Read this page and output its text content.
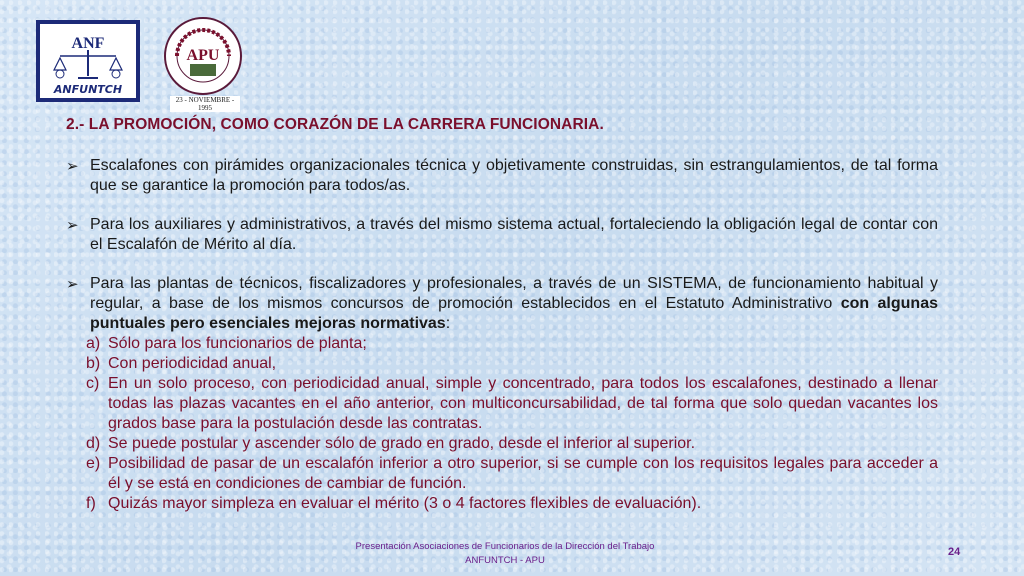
ANF
ANFUNTCH
APU
23 - NOVIEMBRE - 1995
2.- LA PROMOCIÓN, COMO CORAZÓN DE LA CARRERA FUNCIONARIA.
➢ Escalafones con pirámides organizacionales técnica y objetivamente construidas, sin estrangulamientos, de tal forma que se garantice la promoción para todos/as.
➢ Para los auxiliares y administrativos, a través del mismo sistema actual, fortaleciendo la obligación legal de contar con el Escalafón de Mérito al día.
➢ Para las plantas de técnicos, fiscalizadores y profesionales, a través de un SISTEMA, de funcionamiento habitual y regular, a base de los mismos concursos de promoción establecidos en el Estatuto Administrativo con algunas puntuales pero esenciales mejoras normativas:
a) Sólo para los funcionarios de planta;
b) Con periodicidad anual,
c) En un solo proceso, con periodicidad anual, simple y concentrado, para todos los escalafones, destinado a llenar todas las plazas vacantes en el año anterior, con multiconcursabilidad, de tal forma que solo quedan vacantes los grados base para la postulación desde las contratas.
d) Se puede postular y ascender sólo de grado en grado, desde el inferior al superior.
e) Posibilidad de pasar de un escalafón inferior a otro superior, si se cumple con los requisitos legales para acceder a él y se está en condiciones de cambiar de función.
f) Quizás mayor simpleza en evaluar el mérito (3 o 4 factores flexibles de evaluación).
Presentación Asociaciones de Funcionarios de la Dirección del Trabajo
ANFUNTCH - APU
24
